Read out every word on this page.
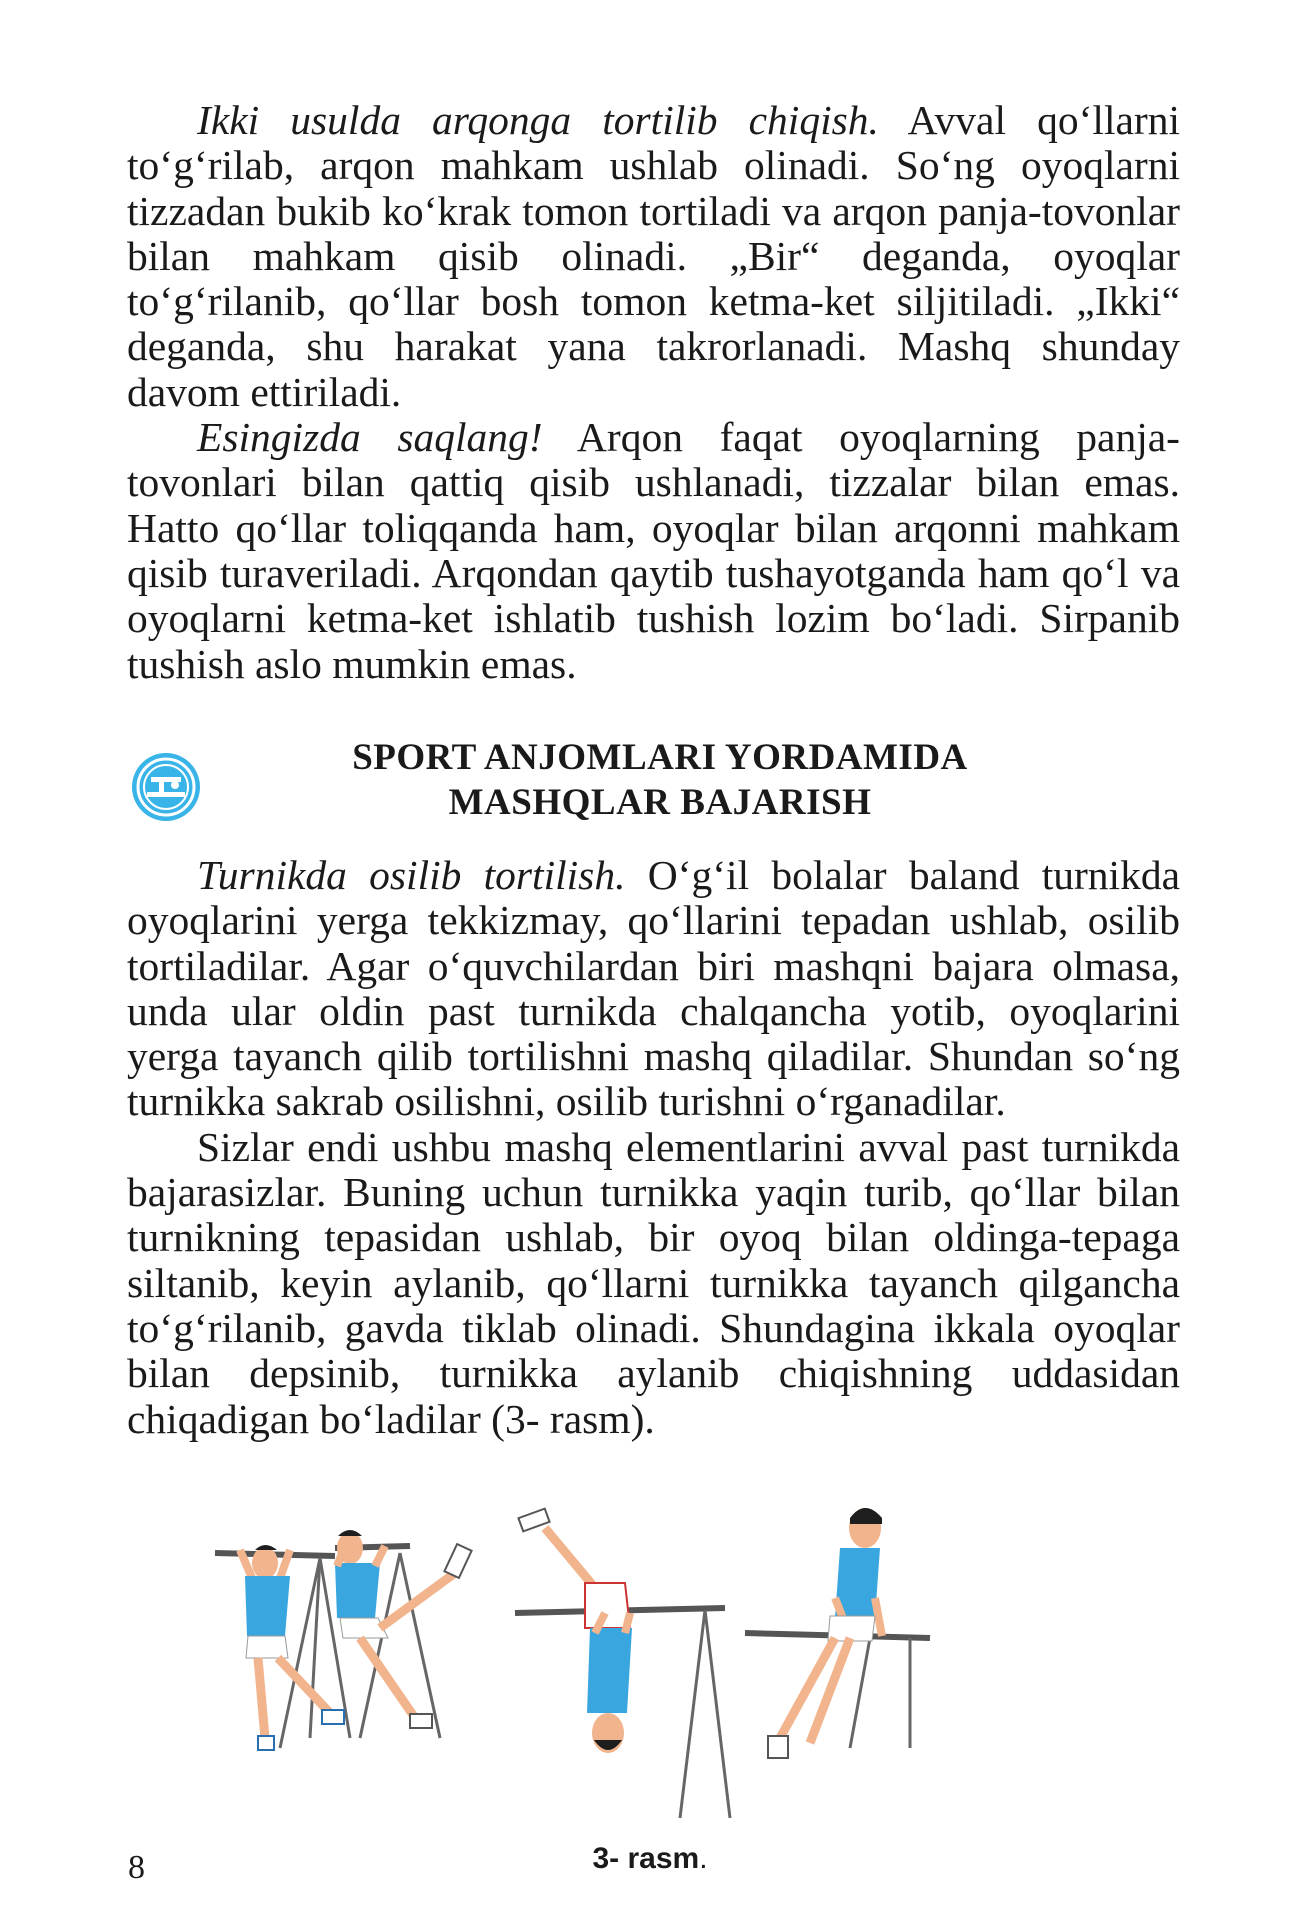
Ikki usulda arqonga tortilib chiqish. Avval qo‘llarni to‘g‘rilab, arqon mahkam ushlab olinadi. So‘ng oyoqlarni tizzadan bukib ko‘krak tomon tortiladi va arqon panja-tovonlar bilan mahkam qisib olinadi. „Bir“ deganda, oyoqlar to‘g‘rilanib, qo‘llar bosh tomon ketma-ket siljitiladi. „Ikki“ deganda, shu harakat yana takrorlanadi. Mashq shunday davom ettiriladi.

Esingizda saqlang! Arqon faqat oyoqlarning panja-tovonlari bilan qattiq qisib ushlanadi, tizzalar bilan emas. Hatto qo‘llar toliqqanda ham, oyoqlar bilan arqonni mahkam qisib turaveriladi. Arqondan qaytib tushayotganda ham qo‘l va oyoqlarni ketma-ket ishlatib tushish lozim bo‘ladi. Sirpanib tushish aslo mumkin emas.

SPORT ANJOMLARI YORDAMIDA
MASHQLAR BAJARISH

Turnikda osilib tortilish. O‘g‘il bolalar baland turnikda oyoqlarini yerga tekkizmay, qo‘llarini tepadan ushlab, osilib tortiladilar. Agar o‘quvchilardan biri mashqni bajara olmasa, unda ular oldin past turnikda chalqancha yotib, oyoqlarini yerga tayanch qilib tortilishni mashq qiladilar. Shundan so‘ng turnikka sakrab osilishni, osilib turishni o‘rganadilar.

Sizlar endi ushbu mashq elementlarini avval past turnikda bajarasizlar. Buning uchun turnikka yaqin turib, qo‘llar bilan turnikning tepasidan ushlab, bir oyoq bilan oldinga-tepaga siltanib, keyin aylanib, qo‘llarni turnikka tayanch qilgancha to‘g‘rilanib, gavda tiklab olinadi. Shundagina ikkala oyoqlar bilan depsinib, turnikka aylanib chiqishning uddasidan chiqadigan bo‘ladilar (3- rasm).

3- rasm.
8
